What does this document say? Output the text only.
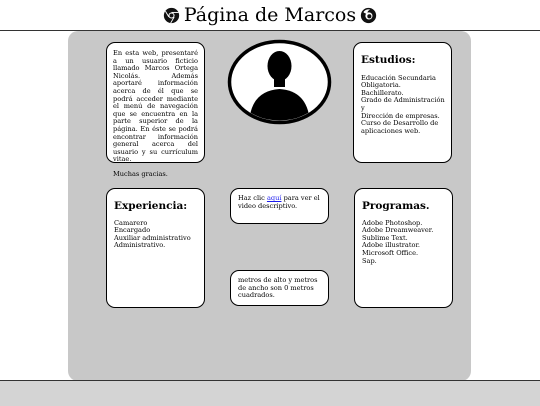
Página de Marcos

En esta web, presentaré a un usuario ficticio llamado Marcos Ortega Nicolás. Además aportaré información acerca de él que se podrá acceder mediante el menú de navegación que se encuentra en la parte superior de la página. En éste se podrá encontrar información general acerca del usuario y su currículum vitae.

Muchas gracias.

Estudios:
Educación Secundaria
Obligatoria.
Bachillerato.
Grado de Administración y
Dirección de empresas.
Curso de Desarrollo de
aplicaciones web.
Experiencia:
Camarero
Encargado
Auxiliar administrativo
Administrativo.
Haz clic aquí para ver el video descriptivo.
metros de alto y metros de ancho son 0 metros cuadrados.
Programas.
Adobe Photoshop.
Adobe Dreamweaver.
Sublime Text.
Adobe illustrator.
Microsoft Office.
Sap.
